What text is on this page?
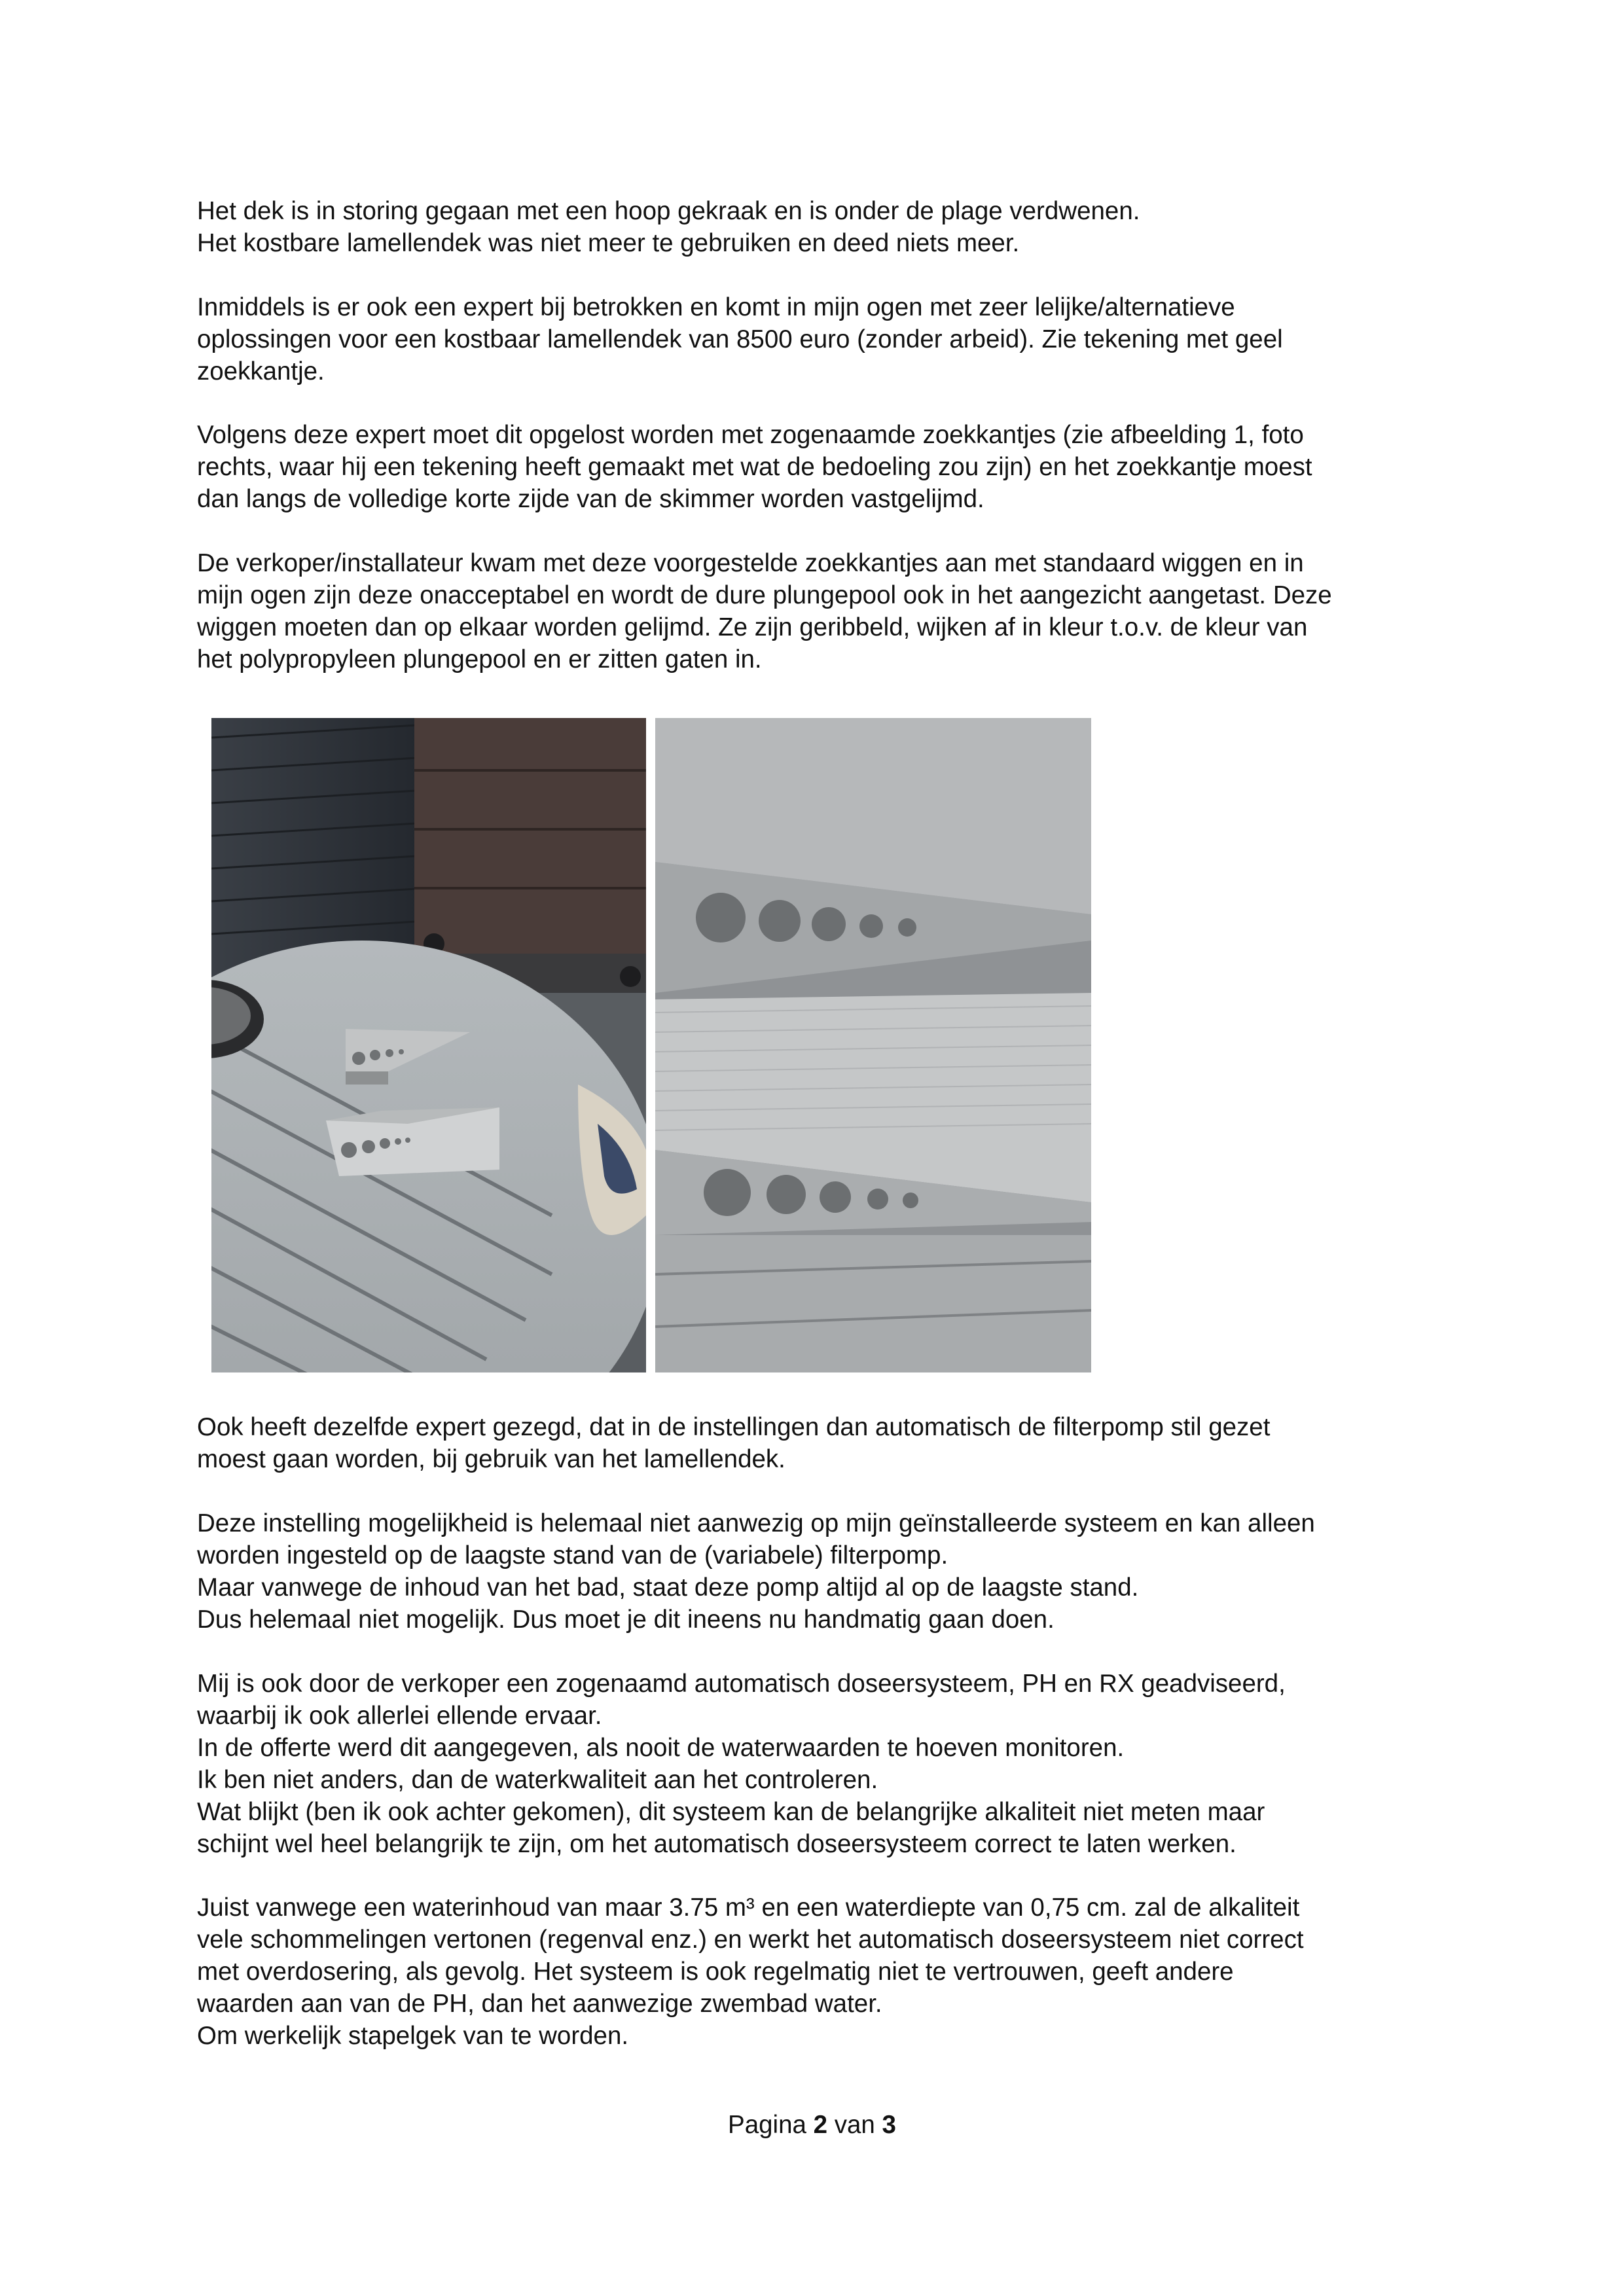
Het dek is in storing gegaan met een hoop gekraak en is onder de plage verdwenen.

Het kostbare lamellendek was niet meer te gebruiken en deed niets meer.

Inmiddels is er ook een expert bij betrokken en komt in mijn ogen met zeer lelijke/alternatieve

oplossingen voor een kostbaar lamellendek van 8500 euro (zonder arbeid). Zie tekening met geel

zoekkantje.

Volgens deze expert moet dit opgelost worden met zogenaamde zoekkantjes (zie afbeelding 1, foto

rechts, waar hij een tekening heeft gemaakt met wat de bedoeling zou zijn) en het zoekkantje moest

dan langs de volledige korte zijde van de skimmer worden vastgelijmd.

De verkoper/installateur kwam met deze voorgestelde zoekkantjes aan met standaard wiggen en in

mijn ogen zijn deze onacceptabel en wordt de dure plungepool ook in het aangezicht aangetast. Deze

wiggen moeten dan op elkaar worden gelijmd. Ze zijn geribbeld, wijken af in kleur t.o.v. de kleur van

het polypropyleen plungepool en er zitten gaten in.

Ook heeft dezelfde expert gezegd, dat in de instellingen dan automatisch de filterpomp stil gezet

moest gaan worden, bij gebruik van het lamellendek.

Deze instelling mogelijkheid is helemaal niet aanwezig op mijn geïnstalleerde systeem en kan alleen

worden ingesteld op de laagste stand van de (variabele) filterpomp.

Maar vanwege de inhoud van het bad, staat deze pomp altijd al op de laagste stand.

Dus helemaal niet mogelijk. Dus moet je dit ineens nu handmatig gaan doen.

Mij is ook door de verkoper een zogenaamd automatisch doseersysteem, PH en RX geadviseerd,

waarbij ik ook allerlei ellende ervaar.

In de offerte werd dit aangegeven, als nooit de waterwaarden te hoeven monitoren.

Ik ben niet anders, dan de waterkwaliteit aan het controleren.

Wat blijkt (ben ik ook achter gekomen), dit systeem kan de belangrijke alkaliteit niet meten maar

schijnt wel heel belangrijk te zijn, om het automatisch doseersysteem correct te laten werken.

Juist vanwege een waterinhoud van maar 3.75 m³ en een waterdiepte van 0,75 cm. zal de alkaliteit

vele schommelingen vertonen (regenval enz.) en werkt het automatisch doseersysteem niet correct

met overdosering, als gevolg. Het systeem is ook regelmatig niet te vertrouwen, geeft andere

waarden aan van de PH, dan het aanwezige zwembad water.

Om werkelijk stapelgek van te worden.

Pagina 2 van 3
